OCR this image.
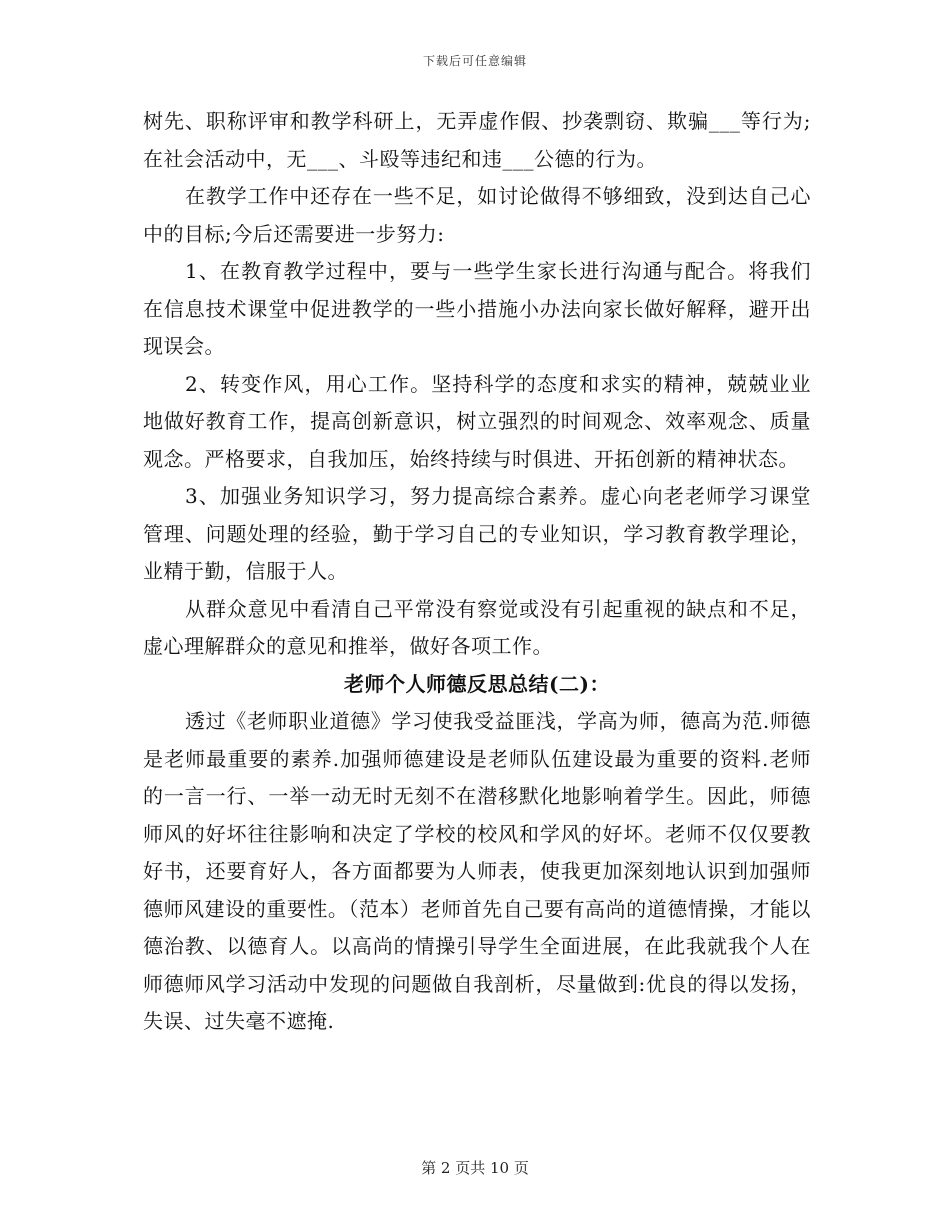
下载后可任意编辑

树先、职称评审和教学科研上，无弄虚作假、抄袭剽窃、欺骗___等行为;在社会活动中，无___、斗殴等违纪和违___公德的行为。

在教学工作中还存在一些不足，如讨论做得不够细致，没到达自己心中的目标;今后还需要进一步努力:

1、在教育教学过程中，要与一些学生家长进行沟通与配合。将我们在信息技术课堂中促进教学的一些小措施小办法向家长做好解释，避开出现误会。

2、转变作风，用心工作。坚持科学的态度和求实的精神，兢兢业业地做好教育工作，提高创新意识，树立强烈的时间观念、效率观念、质量观念。严格要求，自我加压，始终持续与时俱进、开拓创新的精神状态。

3、加强业务知识学习，努力提高综合素养。虚心向老老师学习课堂管理、问题处理的经验，勤于学习自己的专业知识，学习教育教学理论，业精于勤，信服于人。

从群众意见中看清自己平常没有察觉或没有引起重视的缺点和不足，虚心理解群众的意见和推举，做好各项工作。

老师个人师德反思总结(二)：

透过《老师职业道德》学习使我受益匪浅，学高为师，德高为范.师德是老师最重要的素养.加强师德建设是老师队伍建设最为重要的资料.老师的一言一行、一举一动无时无刻不在潜移默化地影响着学生。因此，师德师风的好坏往往影响和决定了学校的校风和学风的好坏。老师不仅仅要教好书，还要育好人，各方面都要为人师表，使我更加深刻地认识到加强师德师风建设的重要性。（范本）老师首先自己要有高尚的道德情操，才能以德治教、以德育人。以高尚的情操引导学生全面进展，在此我就我个人在师德师风学习活动中发现的问题做自我剖析，尽量做到:优良的得以发扬，失误、过失毫不遮掩.

第 2 页共 10 页
